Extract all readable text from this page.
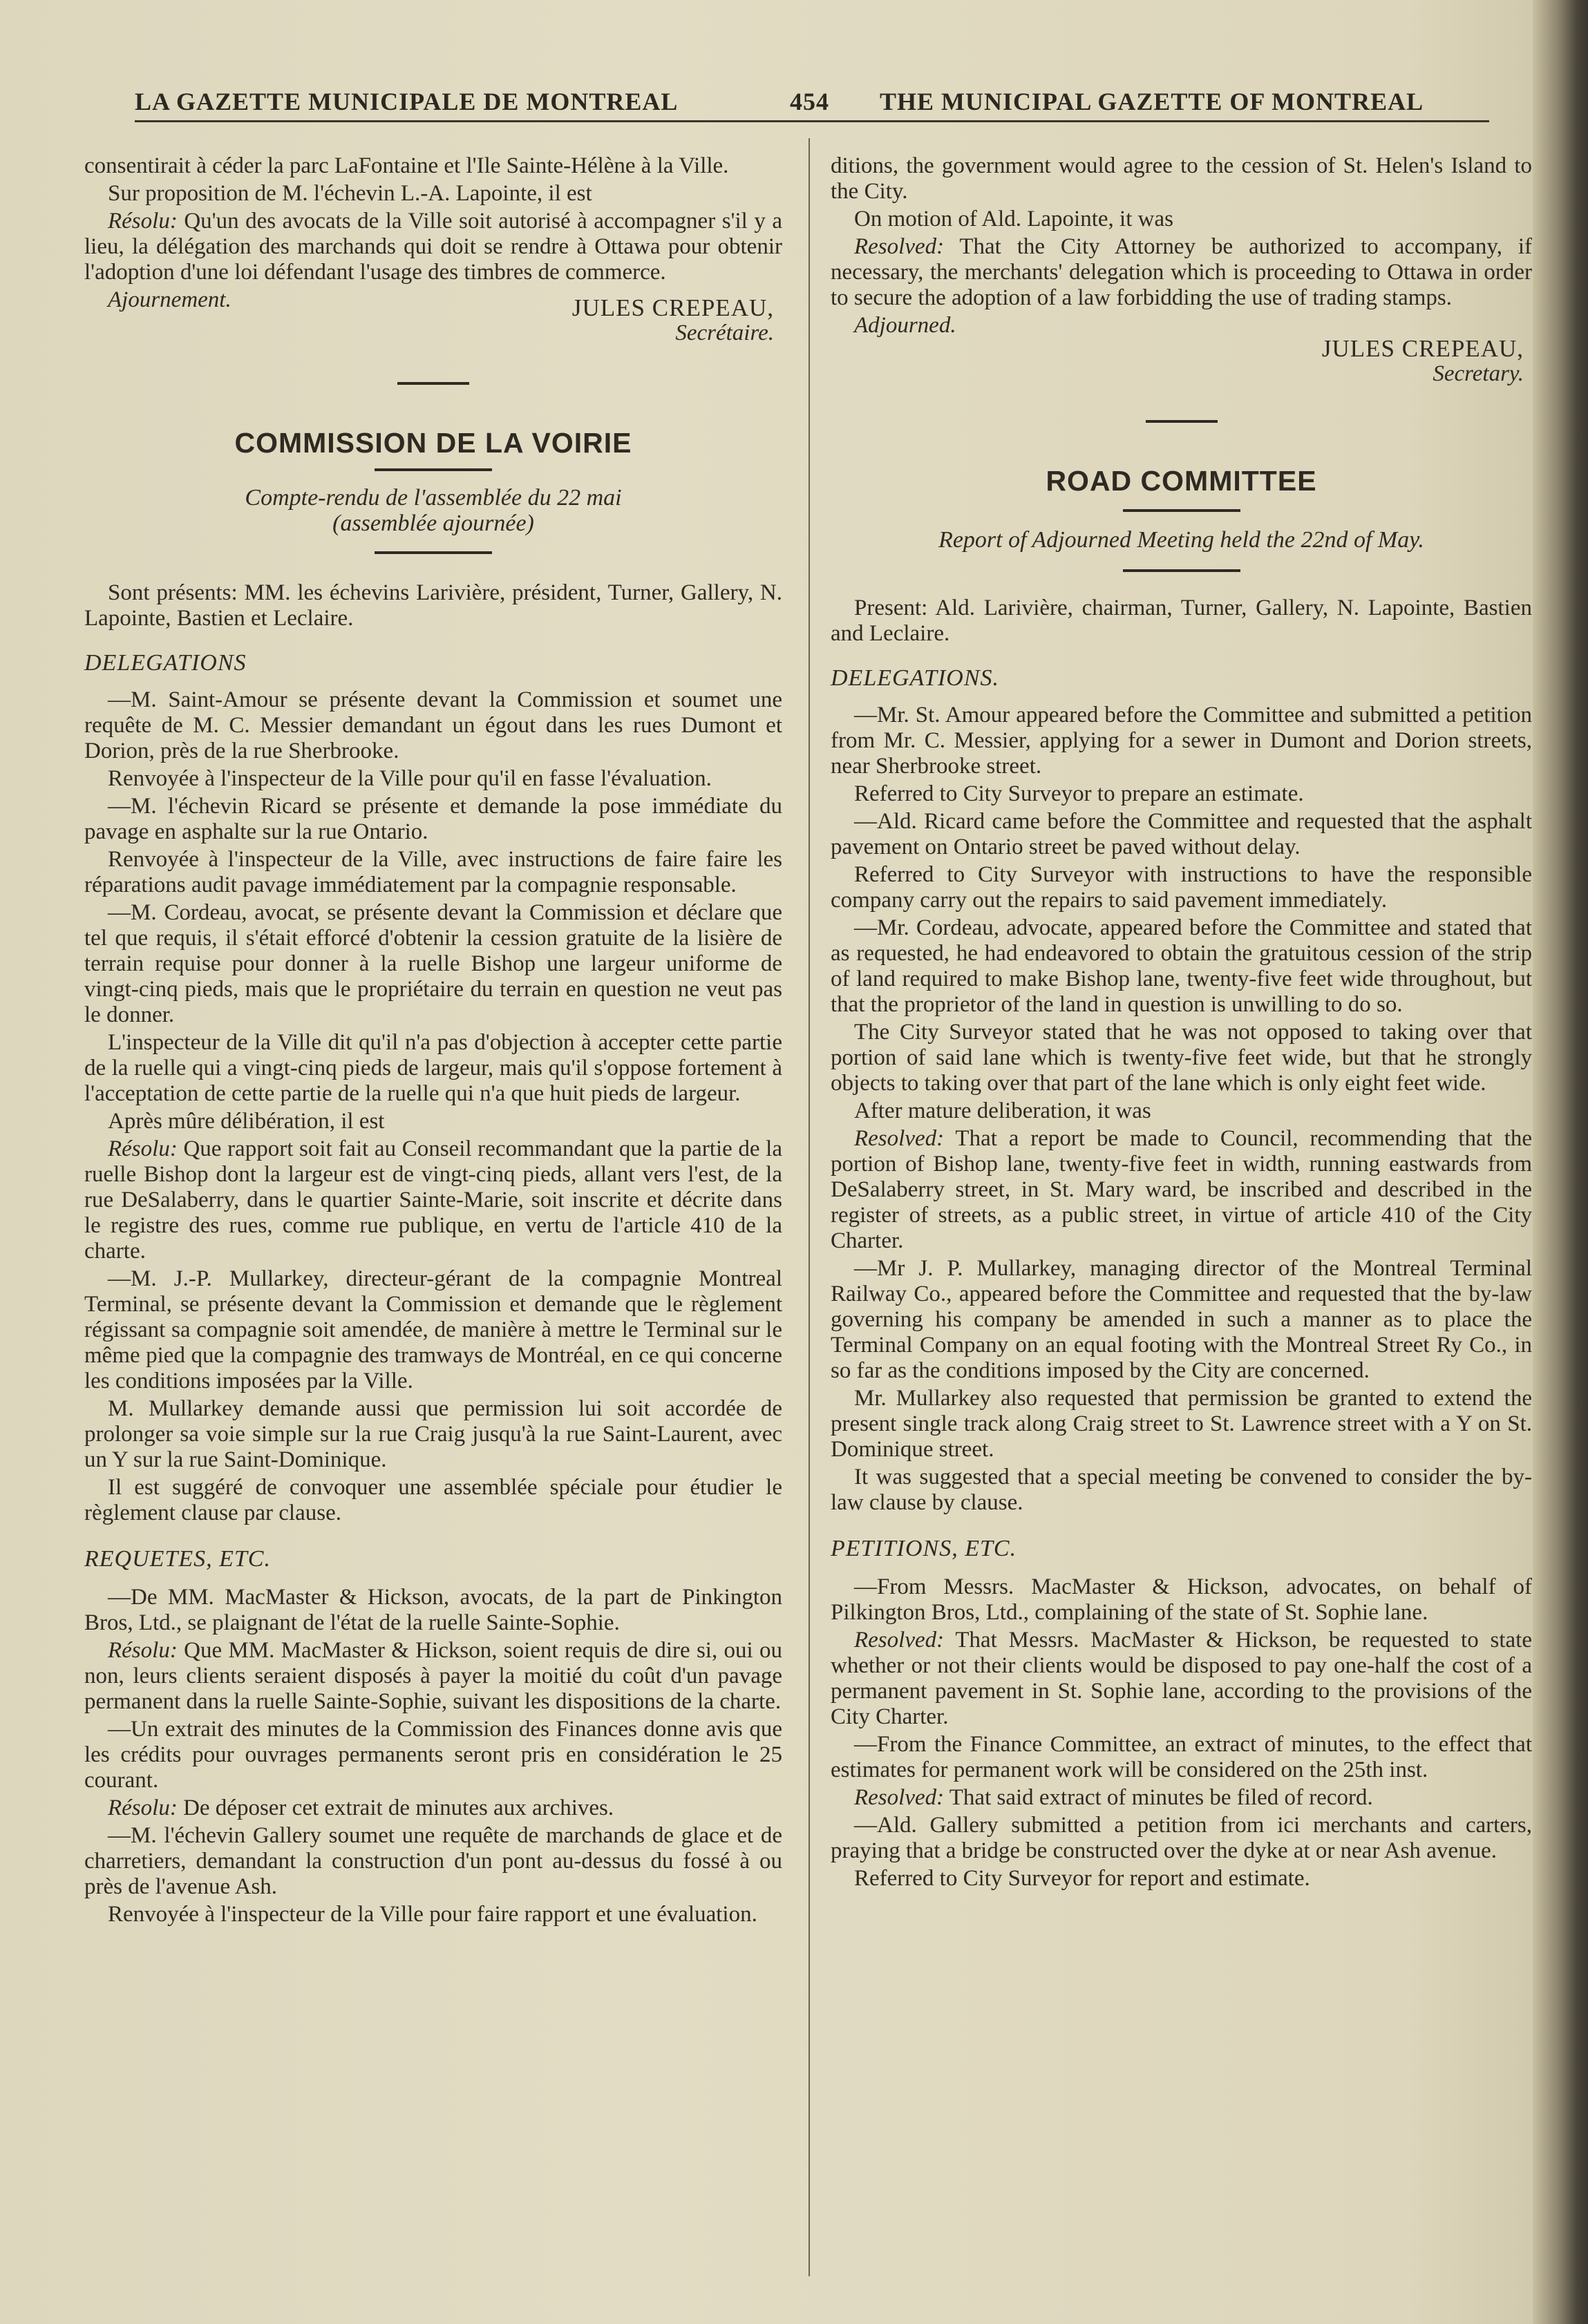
LA GAZETTE MUNICIPALE DE MONTREAL	454 THE MUNICIPAL GAZETTE OF MONTREAL

consentirait à céder la parc LaFontaine et l'Ile Sainte-Hélène à la Ville.

Sur proposition de M. l'échevin L.-A. Lapointe, il est

Résolu: Qu'un des avocats de la Ville soit autorisé à accompagner s'il y a lieu, la délégation des marchands qui doit se rendre à Ottawa pour obtenir l'adoption d'une loi défendant l'usage des timbres de commerce.

Ajournement.	JULES CREPEAU,
Secrétaire.
COMMISSION DE LA VOIRIE
Compte-rendu de l'assemblée du 22 mai
(assemblée ajournée)

Sont présents: MM. les échevins Larivière, président, Turner, Gallery, N. Lapointe, Bastien et Leclaire.

DELEGATIONS

—M. Saint-Amour se présente devant la Commission et soumet une requête de M. C. Messier demandant un égout dans les rues Dumont et Dorion, près de la rue Sherbrooke.

Renvoyée à l'inspecteur de la Ville pour qu'il en fasse l'évaluation.

—M. l'échevin Ricard se présente et demande la pose immédiate du pavage en asphalte sur la rue Ontario.

Renvoyée à l'inspecteur de la Ville, avec instructions de faire faire les réparations audit pavage immédiatement par la compagnie responsable.

—M. Cordeau, avocat, se présente devant la Commission et déclare que tel que requis, il s'était efforcé d'obtenir la cession gratuite de la lisière de terrain requise pour donner à la ruelle Bishop une largeur uniforme de vingt-cinq pieds, mais que le propriétaire du terrain en question ne veut pas le donner.

L'inspecteur de la Ville dit qu'il n'a pas d'objection à accepter cette partie de la ruelle qui a vingt-cinq pieds de largeur, mais qu'il s'oppose fortement à l'acceptation de cette partie de la ruelle qui n'a que huit pieds de largeur.

Après mûre délibération, il est

Résolu: Que rapport soit fait au Conseil recommandant que la partie de la ruelle Bishop dont la largeur est de vingt-cinq pieds, allant vers l'est, de la rue DeSalaberry, dans le quartier Sainte-Marie, soit inscrite et décrite dans le registre des rues, comme rue publique, en vertu de l'article 410 de la charte.

—M. J.-P. Mullarkey, directeur-gérant de la compagnie Montreal Terminal, se présente devant la Commission et demande que le règlement régissant sa compagnie soit amendée, de manière à mettre le Terminal sur le même pied que la compagnie des tramways de Montréal, en ce qui concerne les conditions imposées par la Ville.

M. Mullarkey demande aussi que permission lui soit accordée de prolonger sa voie simple sur la rue Craig jusqu'à la rue Saint-Laurent, avec un Y sur la rue Saint-Dominique.

Il est suggéré de convoquer une assemblée spéciale pour étudier le règlement clause par clause.

REQUETES, ETC.

—De MM. MacMaster & Hickson, avocats, de la part de Pinkington Bros, Ltd., se plaignant de l'état de la ruelle Sainte-Sophie.

Résolu: Que MM. MacMaster & Hickson, soient requis de dire si, oui ou non, leurs clients seraient disposés à payer la moitié du coût d'un pavage permanent dans la ruelle Sainte-Sophie, suivant les dispositions de la charte.

—Un extrait des minutes de la Commission des Finances donne avis que les crédits pour ouvrages permanents seront pris en considération le 25 courant.

Résolu: De déposer cet extrait de minutes aux archives.

—M. l'échevin Gallery soumet une requête de marchands de glace et de charretiers, demandant la construction d'un pont au-dessus du fossé à ou près de l'avenue Ash.

Renvoyée à l'inspecteur de la Ville pour faire rapport et une évaluation.

ditions, the government would agree to the cession of St. Helen's Island to the City.

On motion of Ald. Lapointe, it was

Resolved: That the City Attorney be authorized to accompany, if necessary, the merchants' delegation which is proceeding to Ottawa in order to secure the adoption of a law forbidding the use of trading stamps.

Adjourned.

JULES CREPEAU,
Secretary.
ROAD COMMITTEE
Report of Adjourned Meeting held the 22nd of May.

Present: Ald. Larivière, chairman, Turner, Gallery, N. Lapointe, Bastien and Leclaire.

DELEGATIONS.

—Mr. St. Amour appeared before the Committee and submitted a petition from Mr. C. Messier, applying for a sewer in Dumont and Dorion streets, near Sherbrooke street.

Referred to City Surveyor to prepare an estimate.

—Ald. Ricard came before the Committee and requested that the asphalt pavement on Ontario street be paved without delay.

Referred to City Surveyor with instructions to have the responsible company carry out the repairs to said pavement immediately.

—Mr. Cordeau, advocate, appeared before the Committee and stated that as requested, he had endeavored to obtain the gratuitous cession of the strip of land required to make Bishop lane, twenty-five feet wide throughout, but that the proprietor of the land in question is unwilling to do so.

The City Surveyor stated that he was not opposed to taking over that portion of said lane which is twenty-five feet wide, but that he strongly objects to taking over that part of the lane which is only eight feet wide.

After mature deliberation, it was

Resolved: That a report be made to Council, recommending that the portion of Bishop lane, twenty-five feet in width, running eastwards from DeSalaberry street, in St. Mary ward, be inscribed and described in the register of streets, as a public street, in virtue of article 410 of the City Charter.

—Mr J. P. Mullarkey, managing director of the Montreal Terminal Railway Co., appeared before the Committee and requested that the by-law governing his company be amended in such a manner as to place the Terminal Company on an equal footing with the Montreal Street Ry Co., in so far as the conditions imposed by the City are concerned.

Mr. Mullarkey also requested that permission be granted to extend the present single track along Craig street to St. Lawrence street with a Y on St. Dominique street.

It was suggested that a special meeting be convened to consider the by-law clause by clause.

PETITIONS, ETC.

—From Messrs. MacMaster & Hickson, advocates, on behalf of Pilkington Bros, Ltd., complaining of the state of St. Sophie lane.

Resolved: That Messrs. MacMaster & Hickson, be requested to state whether or not their clients would be disposed to pay one-half the cost of a permanent pavement in St. Sophie lane, according to the provisions of the City Charter.

—From the Finance Committee, an extract of minutes, to the effect that estimates for permanent work will be considered on the 25th inst.

Resolved: That said extract of minutes be filed of record.

—Ald. Gallery submitted a petition from ici merchants and carters, praying that a bridge be constructed over the dyke at or near Ash avenue.

Referred to City Surveyor for report and estimate.
